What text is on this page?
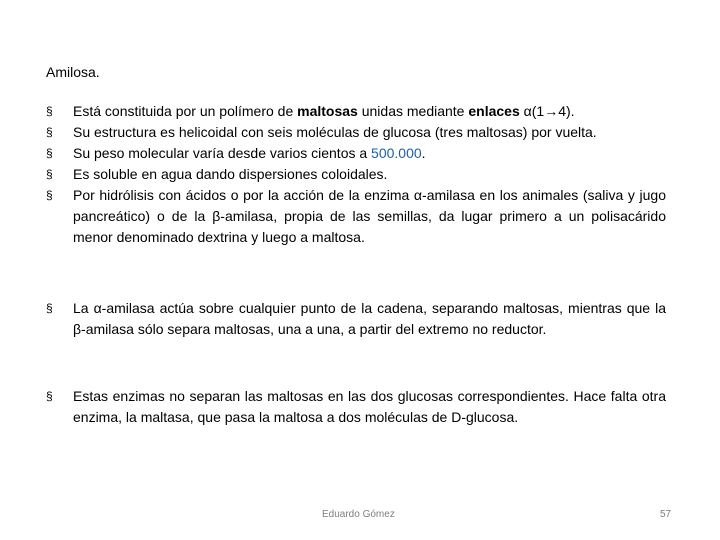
Amilosa.
§	Está constituida por un polímero de maltosas unidas mediante enlaces α(1→4).
§	Su estructura es helicoidal con seis moléculas de glucosa (tres maltosas) por vuelta.
§	Su peso molecular varía desde varios cientos a 500.000.
§	Es soluble en agua dando dispersiones coloidales.
§	Por hidrólisis con ácidos o por la acción de la enzima α-amilasa en los animales (saliva y jugo pancreático) o de la β-amilasa, propia de las semillas, da lugar primero a un polisacárido menor denominado dextrina y luego a maltosa.
§	La α-amilasa actúa sobre cualquier punto de la cadena, separando maltosas, mientras que la β-amilasa sólo separa maltosas, una a una, a partir del extremo no reductor.
§	Estas enzimas no separan las maltosas en las dos glucosas correspondientes. Hace falta otra enzima, la maltasa, que pasa la maltosa a dos moléculas de D-glucosa.
Eduardo Gómez	57
